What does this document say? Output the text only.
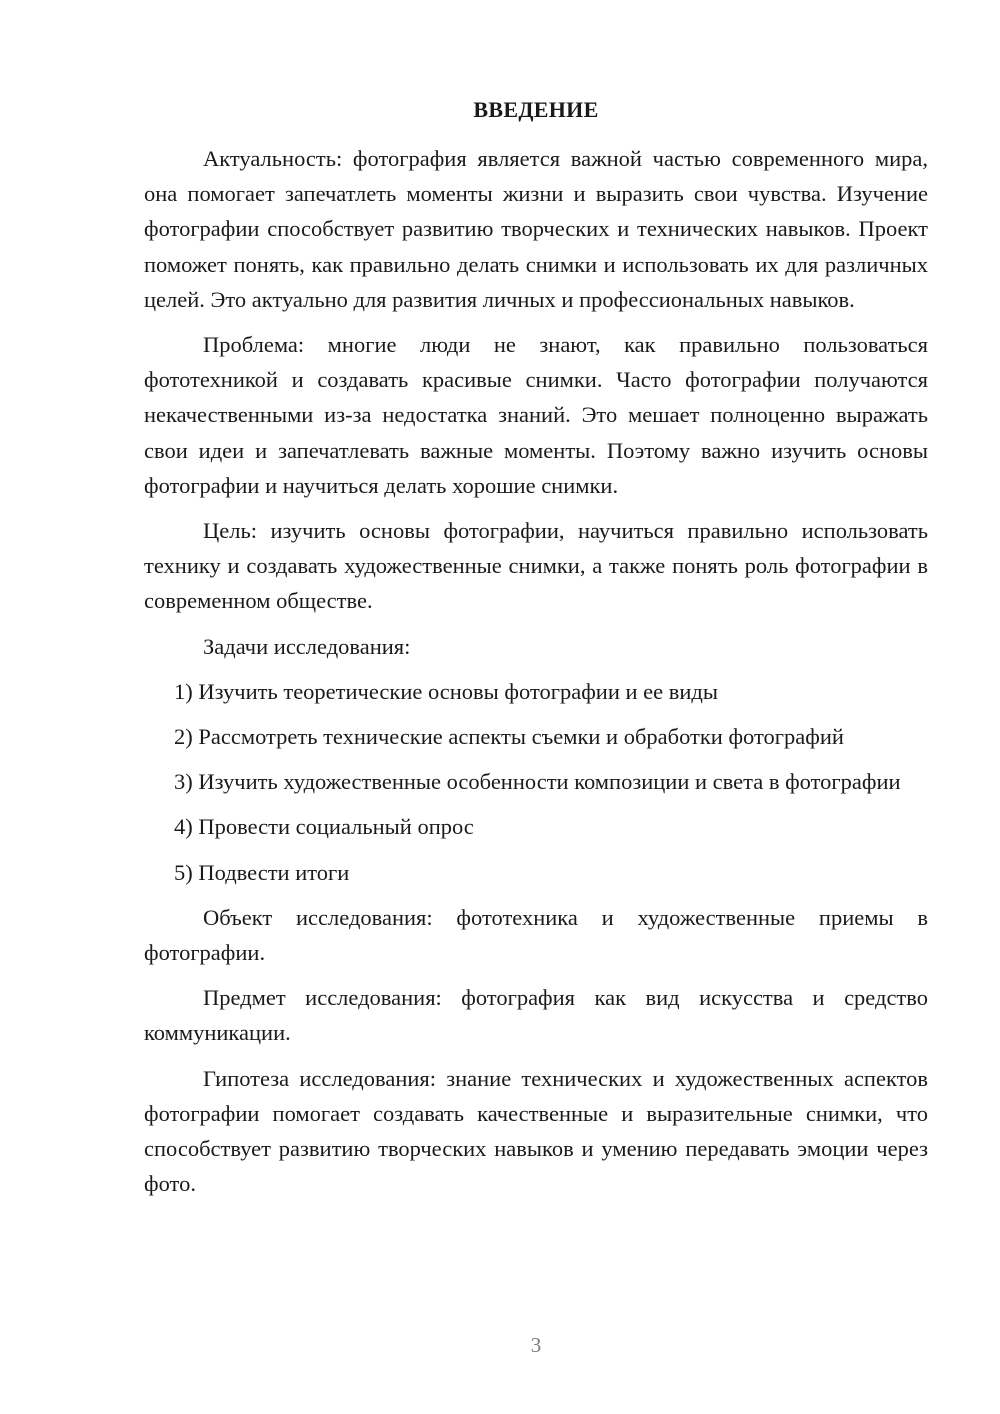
ВВЕДЕНИЕ

Актуальность: фотография является важной частью современного мира, она помогает запечатлеть моменты жизни и выразить свои чувства. Изучение фотографии способствует развитию творческих и технических навыков. Проект поможет понять, как правильно делать снимки и использовать их для различных целей. Это актуально для развития личных и профессиональных навыков.

Проблема: многие люди не знают, как правильно пользоваться фототехникой и создавать красивые снимки. Часто фотографии получаются некачественными из-за недостатка знаний. Это мешает полноценно выражать свои идеи и запечатлевать важные моменты. Поэтому важно изучить основы фотографии и научиться делать хорошие снимки.

Цель: изучить основы фотографии, научиться правильно использовать технику и создавать художественные снимки, а также понять роль фотографии в современном обществе.

Задачи исследования:

1) Изучить теоретические основы фотографии и ее виды

2) Рассмотреть технические аспекты съемки и обработки фотографий

3) Изучить художественные особенности композиции и света в фотографии

4) Провести социальный опрос

5) Подвести итоги

Объект исследования: фототехника и художественные приемы в фотографии.

Предмет исследования: фотография как вид искусства и средство коммуникации.

Гипотеза исследования: знание технических и художественных аспектов фотографии помогает создавать качественные и выразительные снимки, что способствует развитию творческих навыков и умению передавать эмоции через фото.

3
